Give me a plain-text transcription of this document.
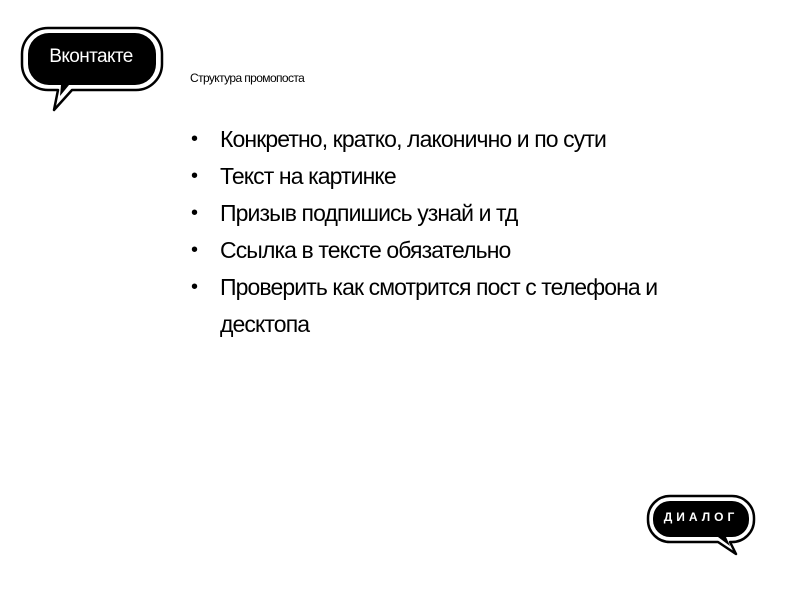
Вконтакте
Структура промопоста
• Конкретно, кратко, лаконично и по сути
• Текст на картинке
• Призыв подпишись узнай и тд
• Ссылка в тексте обязательно
• Проверить как смотрится пост с телефона и десктопа
ДИАЛОГ
